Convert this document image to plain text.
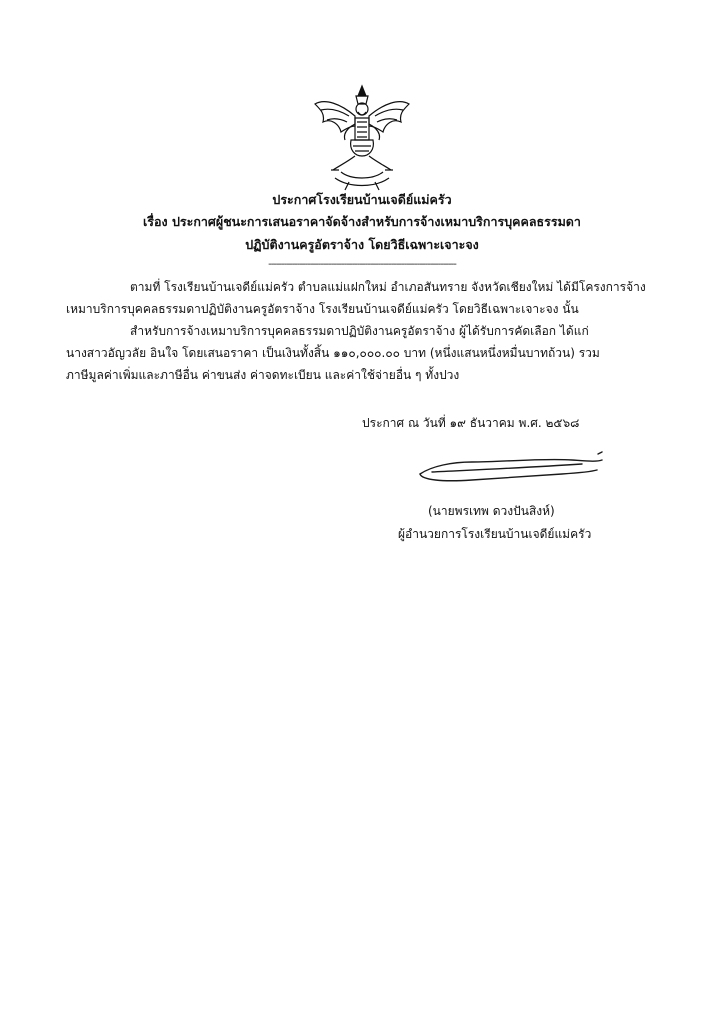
ประกาศโรงเรียนบ้านเจดีย์แม่ครัว
เรื่อง ประกาศผู้ชนะการเสนอราคาจัดจ้างสำหรับการจ้างเหมาบริการบุคคลธรรมดา
ปฏิบัติงานครูอัตราจ้าง โดยวิธีเฉพาะเจาะจง
------------------------------------------------------------------------
ตามที่ โรงเรียนบ้านเจดีย์แม่ครัว ตำบลแม่แฝกใหม่ อำเภอสันทราย จังหวัดเชียงใหม่ ได้มีโครงการจ้าง
เหมาบริการบุคคลธรรมดาปฏิบัติงานครูอัตราจ้าง โรงเรียนบ้านเจดีย์แม่ครัว โดยวิธีเฉพาะเจาะจง นั้น
สำหรับการจ้างเหมาบริการบุคคลธรรมดาปฏิบัติงานครูอัตราจ้าง ผู้ได้รับการคัดเลือก ได้แก่
นางสาวอัญวลัย อินใจ โดยเสนอราคา เป็นเงินทั้งสิ้น ๑๑๐,๐๐๐.๐๐ บาท (หนึ่งแสนหนึ่งหมื่นบาทถ้วน) รวม
ภาษีมูลค่าเพิ่มและภาษีอื่น ค่าขนส่ง ค่าจดทะเบียน และค่าใช้จ่ายอื่น ๆ ทั้งปวง
ประกาศ ณ วันที่ ๑๙ ธันวาคม พ.ศ. ๒๕๖๘
(นายพรเทพ ดวงปันสิงห์)
ผู้อำนวยการโรงเรียนบ้านเจดีย์แม่ครัว
